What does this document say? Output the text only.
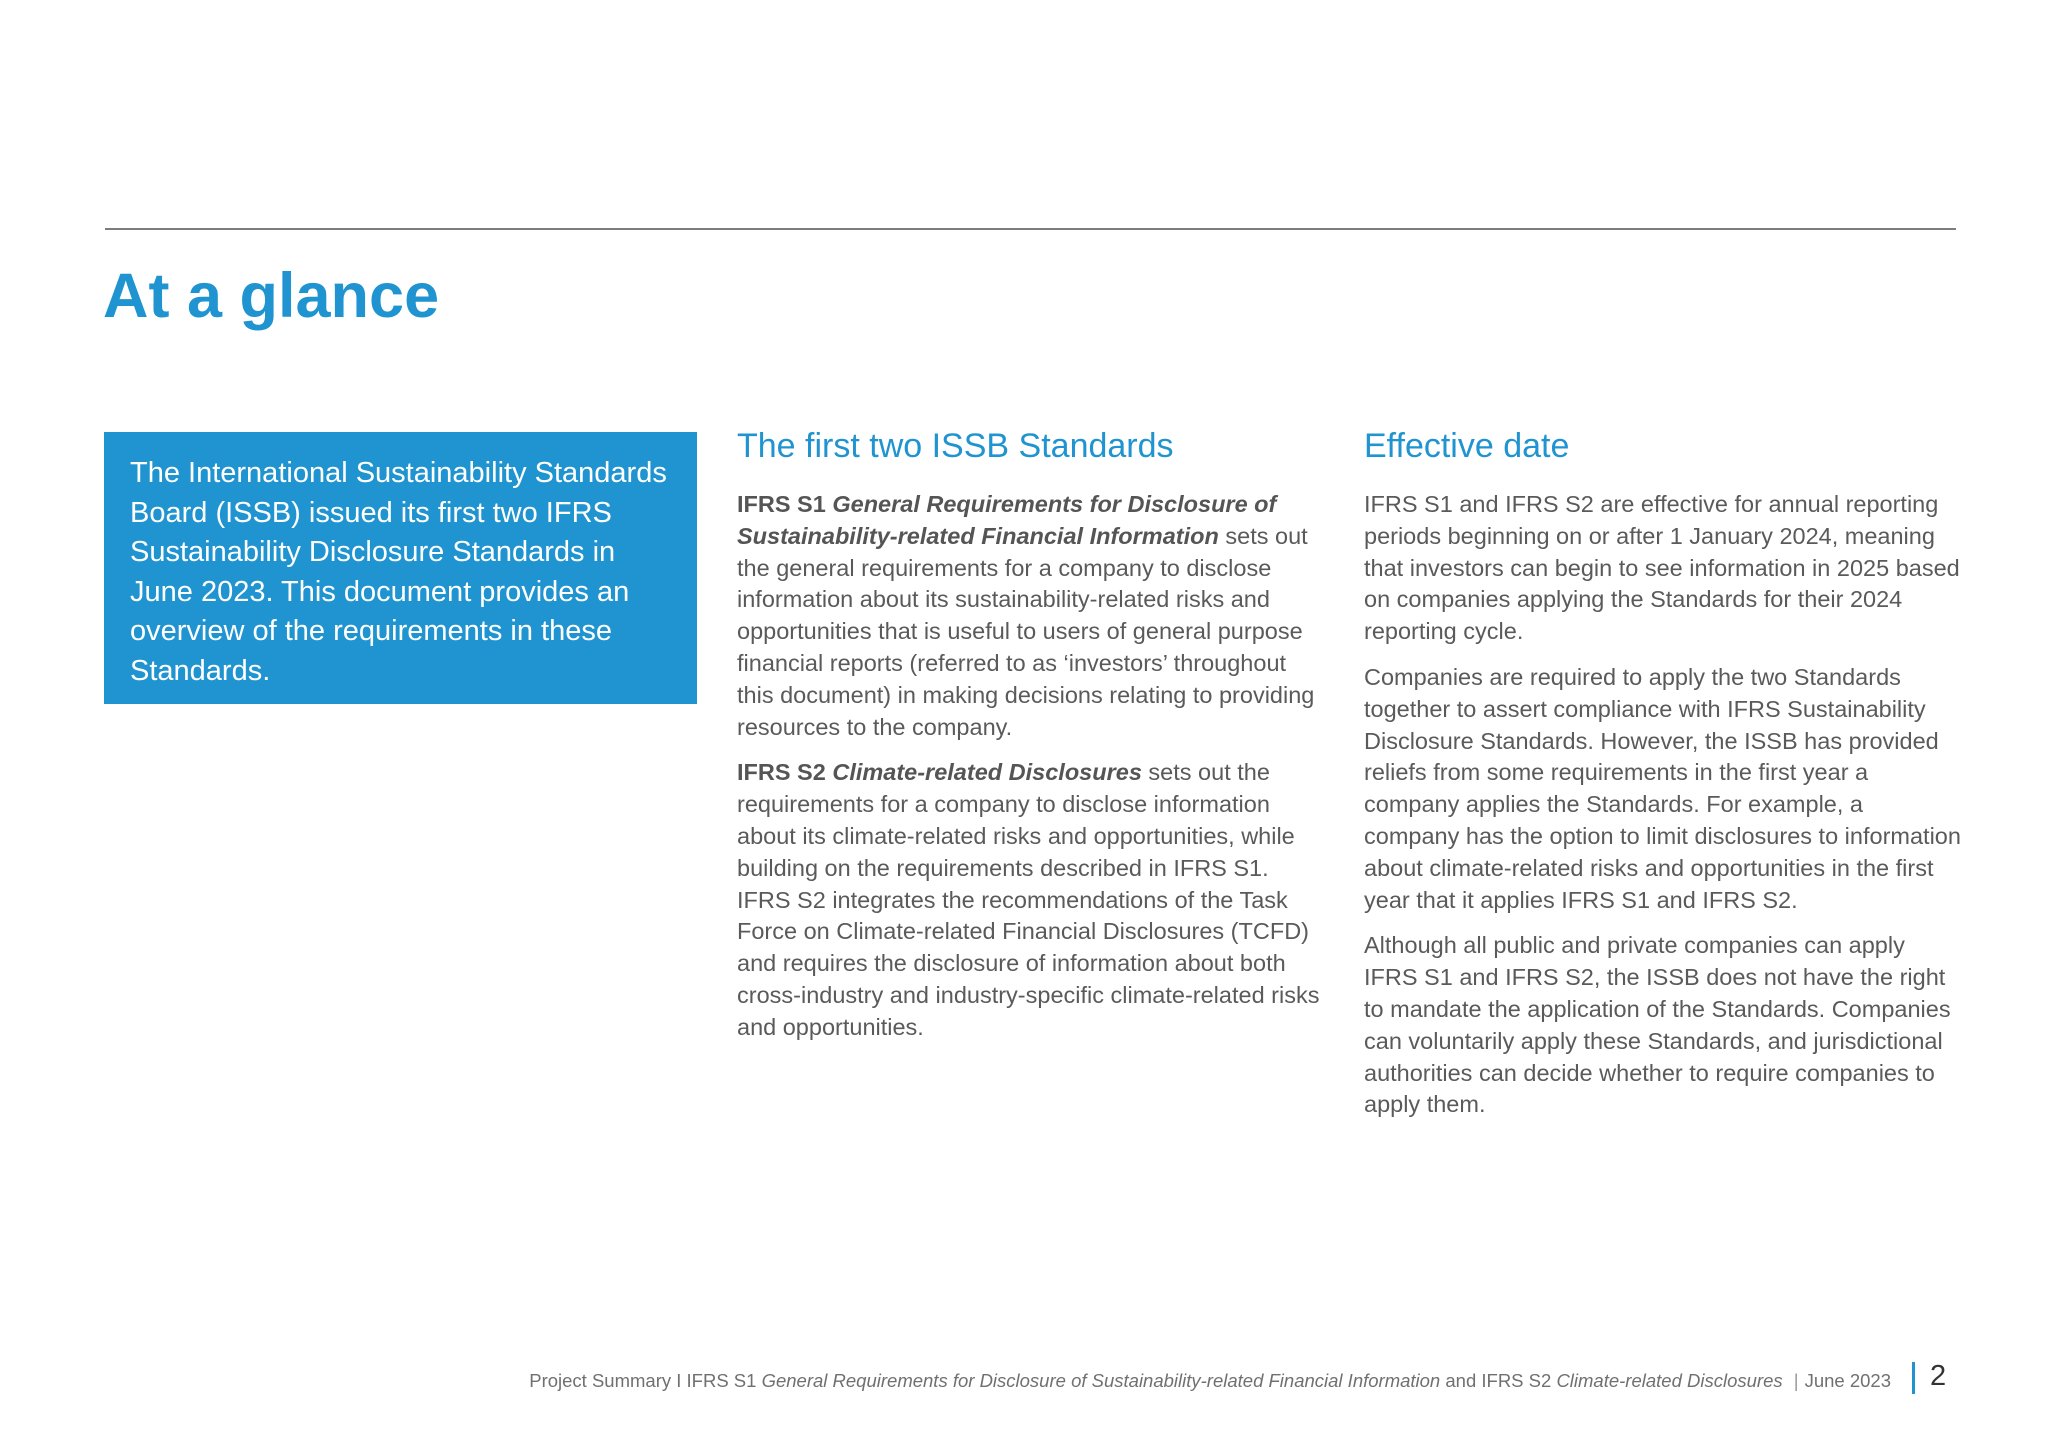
At a glance

The International Sustainability Standards Board (ISSB) issued its first two IFRS Sustainability Disclosure Standards in June 2023. This document provides an overview of the requirements in these Standards.

The first two ISSB Standards

IFRS S1 General Requirements for Disclosure of Sustainability-related Financial Information sets out the general requirements for a company to disclose information about its sustainability-related risks and opportunities that is useful to users of general purpose financial reports (referred to as ‘investors’ throughout this document) in making decisions relating to providing resources to the company.

IFRS S2 Climate-related Disclosures sets out the requirements for a company to disclose information about its climate-related risks and opportunities, while building on the requirements described in IFRS S1. IFRS S2 integrates the recommendations of the Task Force on Climate-related Financial Disclosures (TCFD) and requires the disclosure of information about both cross-industry and industry-specific climate-related risks and opportunities.

Effective date

IFRS S1 and IFRS S2 are effective for annual reporting periods beginning on or after 1 January 2024, meaning that investors can begin to see information in 2025 based on companies applying the Standards for their 2024 reporting cycle.

Companies are required to apply the two Standards together to assert compliance with IFRS Sustainability Disclosure Standards. However, the ISSB has provided reliefs from some requirements in the first year a company applies the Standards. For example, a company has the option to limit disclosures to information about climate-related risks and opportunities in the first year that it applies IFRS S1 and IFRS S2.

Although all public and private companies can apply IFRS S1 and IFRS S2, the ISSB does not have the right to mandate the application of the Standards. Companies can voluntarily apply these Standards, and jurisdictional authorities can decide whether to require companies to apply them.

Project Summary I IFRS S1 General Requirements for Disclosure of Sustainability-related Financial Information and IFRS S2 Climate-related Disclosures | June 2023 2
